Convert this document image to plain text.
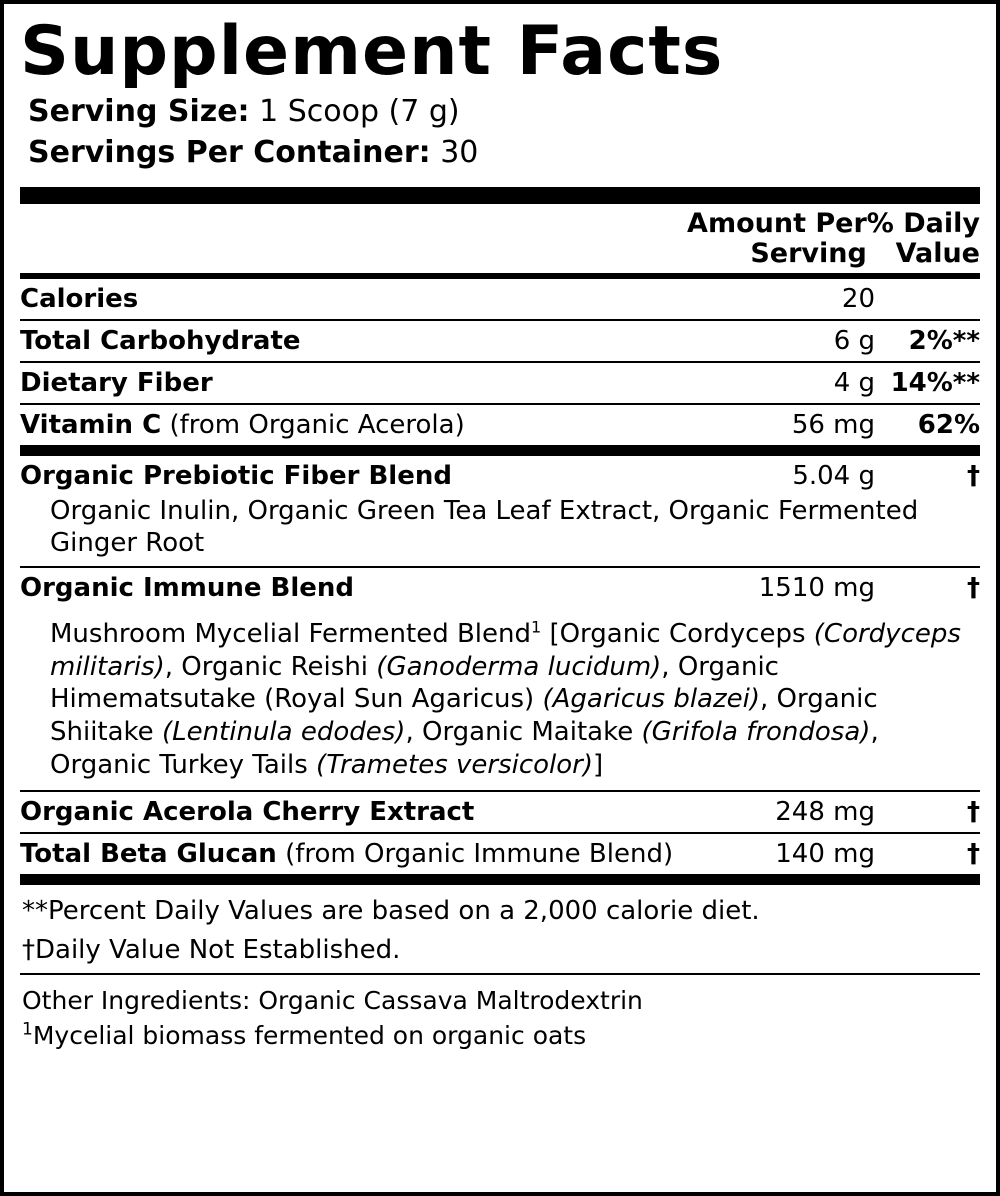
Supplement Facts
Serving Size: 1 Scoop (7 g)
Servings Per Container: 30

Amount Per
Serving

% Daily
Value
Calories	20	
Total Carbohydrate	6 g	2%**
Dietary Fiber	4 g	14%**
Vitamin C (from Organic Acerola)	56 mg	62%
Organic Prebiotic Fiber Blend	5.04 g	†
Organic Inulin, Organic Green Tea Leaf Extract, Organic Fermented Ginger Root
Organic Immune Blend	1510 mg	†
Mushroom Mycelial Fermented Blend$^1$ [Organic Cordyceps (Cordyceps militaris), Organic Reishi (Ganoderma lucidum), Organic Himematsutake (Royal Sun Agaricus) (Agaricus blazei), Organic Shiitake (Lentinula edodes), Organic Maitake (Grifola frondosa), Organic Turkey Tails (Trametes versicolor)]
Organic Acerola Cherry Extract	248 mg	†
Total Beta Glucan (from Organic Immune Blend)	140 mg	†
**Percent Daily Values are based on a 2,000 calorie diet.
†Daily Value Not Established.
Other Ingredients: Organic Cassava Maltrodextrin
$^1$Mycelial biomass fermented on organic oats
